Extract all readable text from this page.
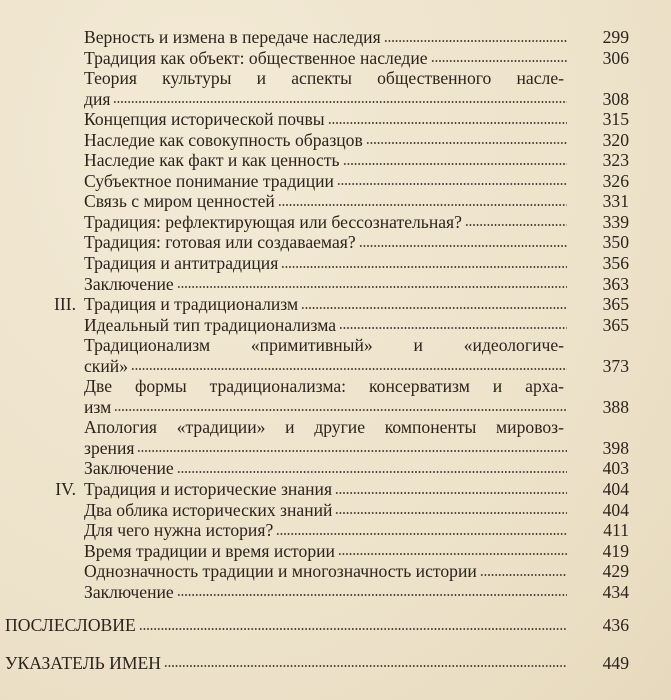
Верность и измена в передаче наследия	299
Традиция как объект: общественное наследие	306
Теория культуры и аспекты общественного насле-
дия	308
Концепция исторической почвы	315
Наследие как совокупность образцов	320
Наследие как факт и как ценность	323
Субъектное понимание традиции	326
Связь с миром ценностей	331
Традиция: рефлектирующая или бессознательная?	339
Традиция: готовая или создаваемая?	350
Традиция и антитрадиция	356
Заключение	363
III. Традиция и традиционализм	365
Идеальный тип традиционализма	365
Традиционализм «примитивный» и «идеологиче-
ский»	373
Две формы традиционализма: консерватизм и арха-
изм	388
Апология «традиции» и другие компоненты мировоз-
зрения	398
Заключение	403
IV. Традиция и исторические знания	404
Два облика исторических знаний	404
Для чего нужна история?	411
Время традиции и время истории	419
Однозначность традиции и многозначность истории	429
Заключение	434
ПОСЛЕСЛОВИЕ	436
УКАЗАТЕЛЬ ИМЕН	449
